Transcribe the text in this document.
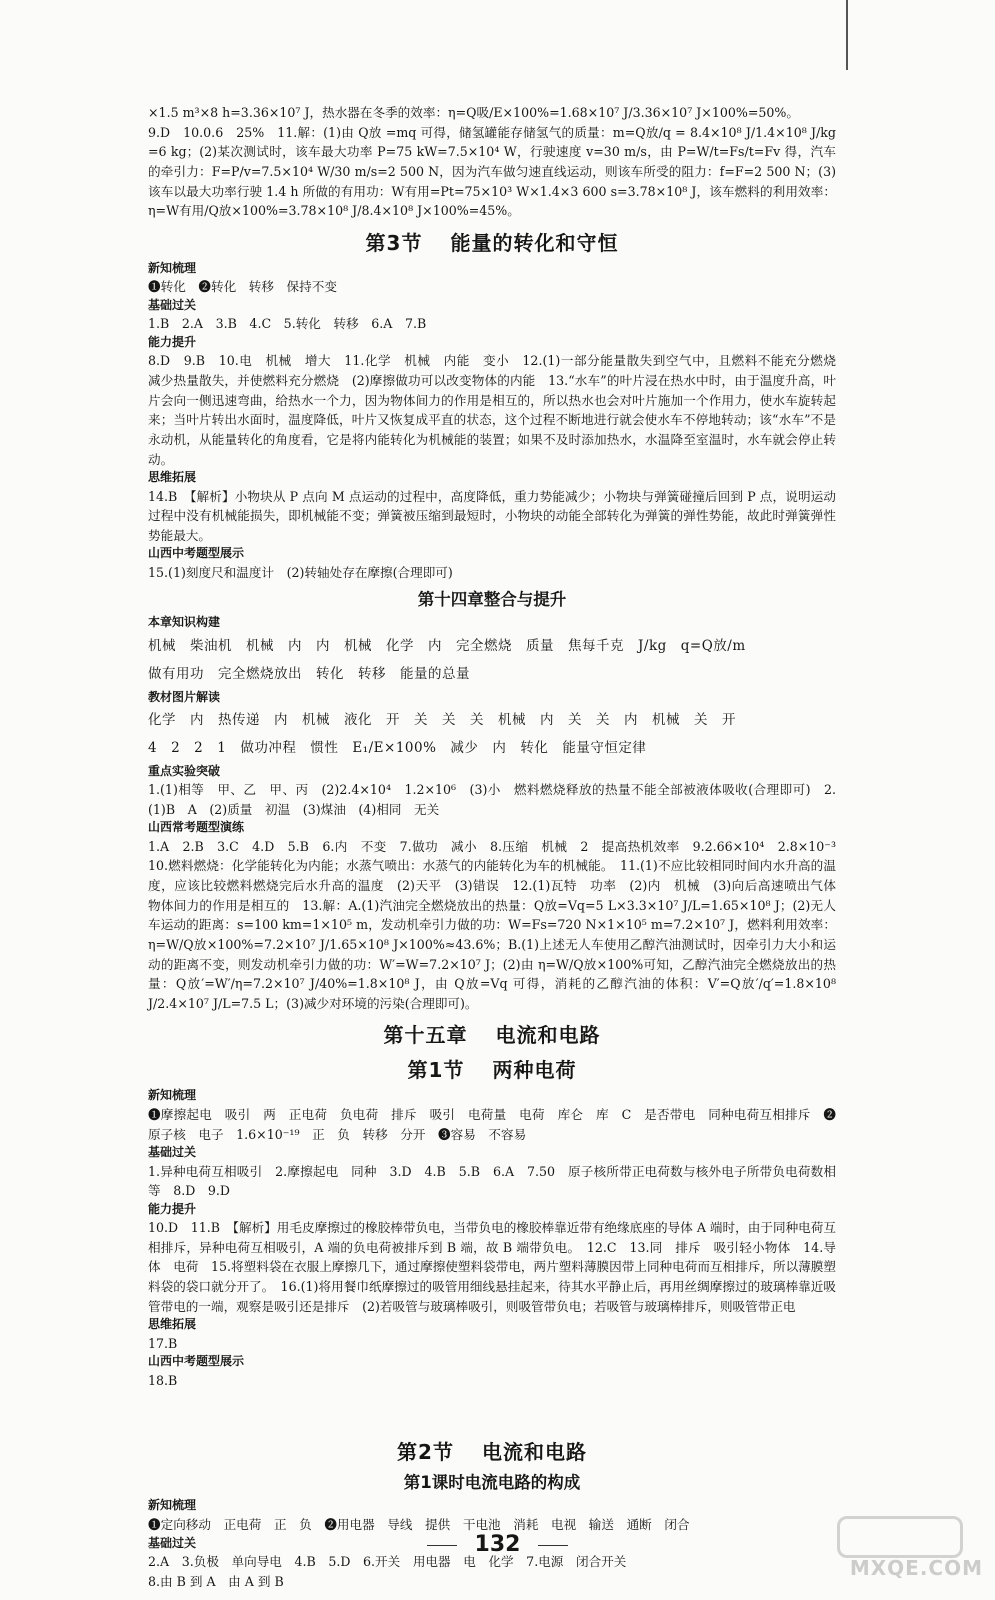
×1.5 m³×8 h=3.36×10⁷ J，热水器在冬季的效率：η=Q吸/E×100%=1.68×10⁷ J/3.36×10⁷ J×100%=50%。
9.D　10.0.6　25%　11.解：(1)由 Q放 =mq 可得，储氢罐能存储氢气的质量：m=Q放/q = 8.4×10⁸ J/1.4×10⁸ J/kg =6 kg；(2)某次测试时，该车最大功率 P=75 kW=7.5×10⁴ W，行驶速度 v=30 m/s，由 P=W/t=Fs/t=Fv 得，汽车的牵引力：F=P/v=7.5×10⁴ W/30 m/s=2 500 N，因为汽车做匀速直线运动，则该车所受的阻力：f=F=2 500 N；(3)该车以最大功率行驶 1.4 h 所做的有用功：W有用=Pt=75×10³ W×1.4×3 600 s=3.78×10⁸ J，该车燃料的利用效率：η=W有用/Q放×100%=3.78×10⁸ J/8.4×10⁸ J×100%=45%。
第3节 能量的转化和守恒
新知梳理
❶转化　❷转化　转移　保持不变
基础过关
1.B　2.A　3.B　4.C　5.转化　转移　6.A　7.B
能力提升
8.D　9.B　10.电　机械　增大　11.化学　机械　内能　变小　12.(1)一部分能量散失到空气中，且燃料不能充分燃烧　减少热量散失，并使燃料充分燃烧　(2)摩擦做功可以改变物体的内能　13.“水车”的叶片浸在热水中时，由于温度升高，叶片会向一侧迅速弯曲，给热水一个力，因为物体间力的作用是相互的，所以热水也会对叶片施加一个作用力，使水车旋转起来；当叶片转出水面时，温度降低，叶片又恢复成平直的状态，这个过程不断地进行就会使水车不停地转动；该“水车”不是永动机，从能量转化的角度看，它是将内能转化为机械能的装置；如果不及时添加热水，水温降至室温时，水车就会停止转动。
思维拓展
14.B　【解析】小物块从 P 点向 M 点运动的过程中，高度降低，重力势能减少；小物块与弹簧碰撞后回到 P 点，说明运动过程中没有机械能损失，即机械能不变；弹簧被压缩到最短时，小物块的动能全部转化为弹簧的弹性势能，故此时弹簧弹性势能最大。
山西中考题型展示
15.(1)刻度尺和温度计　(2)转轴处存在摩擦(合理即可)
第十四章整合与提升
本章知识构建
机械　柴油机　机械　内　内　机械　化学　内　完全燃烧　质量　焦每千克　J/kg　q=Q放/m
做有用功　完全燃烧放出　转化　转移　能量的总量
教材图片解读
化学　内　热传递　内　机械　液化　开　关　关　关　机械　内　关　关　内　机械　关　开
4　2　2　1　做功冲程　惯性　E₁/E×100%　减少　内　转化　能量守恒定律
重点实验突破
1.(1)相等　甲、乙　甲、丙　(2)2.4×10⁴　1.2×10⁶　(3)小　燃料燃烧释放的热量不能全部被液体吸收(合理即可)　2.(1)B　A　(2)质量　初温　(3)煤油　(4)相同　无关
山西常考题型演练
1.A　2.B　3.C　4.D　5.B　6.内　不变　7.做功　减小　8.压缩　机械　2　提高热机效率　9.2.66×10⁴　2.8×10⁻³　10.燃料燃烧：化学能转化为内能；水蒸气喷出：水蒸气的内能转化为车的机械能。　11.(1)不应比较相同时间内水升高的温度，应该比较燃料燃烧完后水升高的温度　(2)天平　(3)错误　12.(1)瓦特　功率　(2)内　机械　(3)向后高速喷出气体　物体间力的作用是相互的　13.解：A.(1)汽油完全燃烧放出的热量：Q放=Vq=5 L×3.3×10⁷ J/L=1.65×10⁸ J；(2)无人车运动的距离：s=100 km=1×10⁵ m，发动机牵引力做的功：W=Fs=720 N×1×10⁵ m=7.2×10⁷ J，燃料利用效率：η=W/Q放×100%=7.2×10⁷ J/1.65×10⁸ J×100%≈43.6%；B.(1)上述无人车使用乙醇汽油测试时，因牵引力大小和运动的距离不变，则发动机牵引力做的功：W′=W=7.2×10⁷ J；(2)由 η=W/Q放×100%可知，乙醇汽油完全燃烧放出的热量：Q放′=W′/η=7.2×10⁷ J/40%=1.8×10⁸ J，由 Q放=Vq 可得，消耗的乙醇汽油的体积：V′=Q放′/q′=1.8×10⁸ J/2.4×10⁷ J/L=7.5 L；(3)减少对环境的污染(合理即可)。
第十五章 电流和电路
第1节 两种电荷
新知梳理
❶摩擦起电　吸引　两　正电荷　负电荷　排斥　吸引　电荷量　电荷　库仑　库　C　是否带电　同种电荷互相排斥　❷原子核　电子　1.6×10⁻¹⁹　正　负　转移　分开　❸容易　不容易
基础过关
1.异种电荷互相吸引　2.摩擦起电　同种　3.D　4.B　5.B　6.A　7.50　原子核所带正电荷数与核外电子所带负电荷数相等　8.D　9.D
能力提升
10.D　11.B　【解析】用毛皮摩擦过的橡胶棒带负电，当带负电的橡胶棒靠近带有绝缘底座的导体 A 端时，由于同种电荷互相排斥，异种电荷互相吸引，A 端的负电荷被排斥到 B 端，故 B 端带负电。　12.C　13.同　排斥　吸引轻小物体　14.导体　电荷　15.将塑料袋在衣服上摩擦几下，通过摩擦使塑料袋带电，两片塑料薄膜因带上同种电荷而互相排斥，所以薄膜塑料袋的袋口就分开了。　16.(1)将用餐巾纸摩擦过的吸管用细线悬挂起来，待其水平静止后，再用丝绸摩擦过的玻璃棒靠近吸管带电的一端，观察是吸引还是排斥　(2)若吸管与玻璃棒吸引，则吸管带负电；若吸管与玻璃棒排斥，则吸管带正电
思维拓展
17.B
山西中考题型展示
18.B
第2节 电流和电路
第1课时电流电路的构成
新知梳理
❶定向移动　正电荷　正　负　❷用电器　导线　提供　干电池　消耗　电视　输送　通断　闭合
基础过关
2.A　3.负极　单向导电　4.B　5.D　6.开关　用电器　电　化学　7.电源　闭合开关
8.由 B 到 A　由 A 到 B
132
MXQE.COM
